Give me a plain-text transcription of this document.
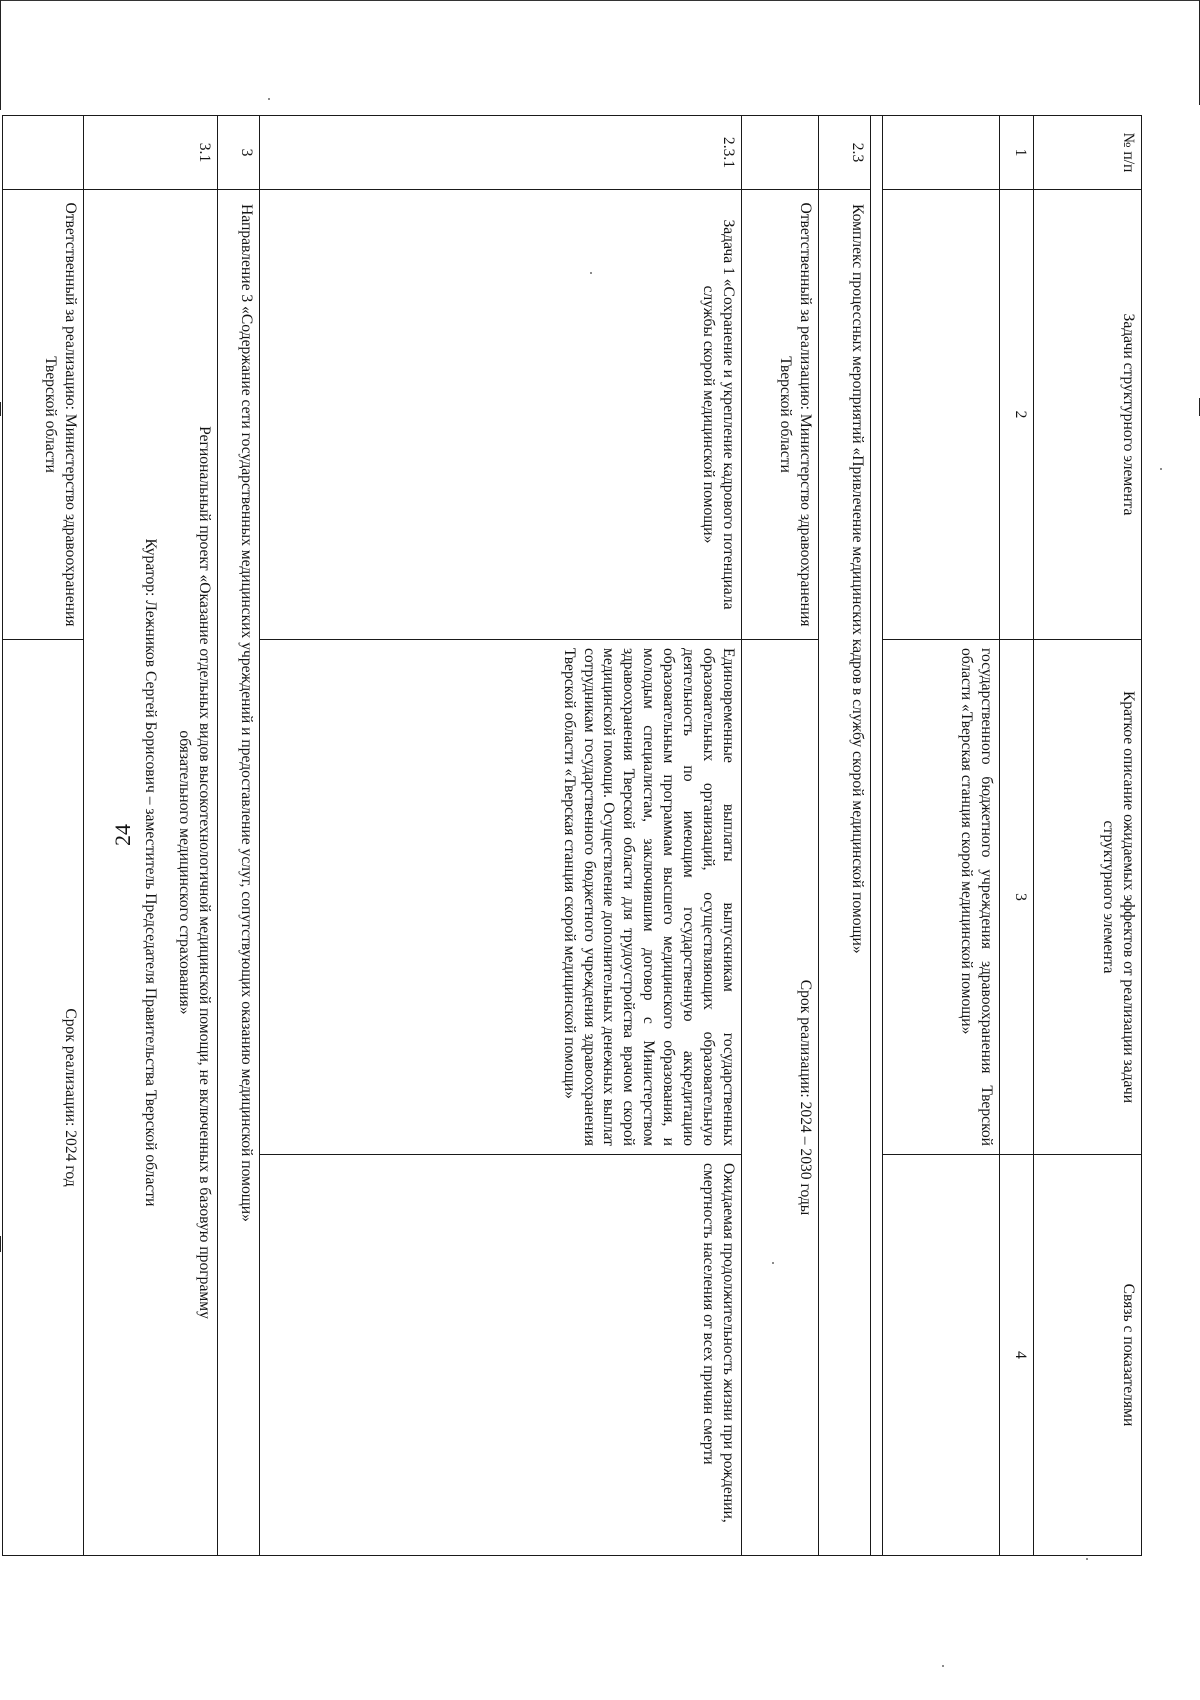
24
№ п/п	Задачи структурного элемента	Краткое описание ожидаемых эффектов от реализации задачи структурного элемента	Связь с показателями
1	2	3	4
		государственного бюджетного учреждения здравоохранения Тверской области «Тверская станция скорой медицинской помощи»	

2.3	Комплекс процессных мероприятий «Привлечение медицинских кадров в службу скорой медицинской помощи»		
	Ответственный за реализацию: Министерство здравоохранения Тверской области	Срок реализации: 2024 – 2030 годы	
2.3.1	Задача 1 «Сохранение и укрепление кадрового потенциала службы скорой медицинской помощи»	Единовременные выплаты выпускникам государственных образовательных организаций, осуществляющих образовательную деятельность по имеющим государственную аккредитацию образовательным программам высшего медицинского образования, и молодым специалистам, заключившим договор с Министерством здравоохранения Тверской области для трудоустройства врачом скорой медицинской помощи. Осуществление дополнительных денежных выплат сотрудникам государственного бюджетного учреждения здравоохранения Тверской области «Тверская станция скорой медицинской помощи»	Ожидаемая продолжительность жизни при рождении, смертность населения от всех причин смерти
3	Направление 3 «Содержание сети государственных медицинских учреждений и предоставление услуг, сопутствующих оказанию медицинской помощи»		
3.1	Региональный проект «Оказание отдельных видов высокотехнологичной медицинской помощи, не включенных в базовую программу
обязательного медицинского страхования»
Куратор: Лежников Сергей Борисович – заместитель Председателя Правительства Тверской области		

	Ответственный за реализацию: Министерство здравоохранения Тверской области	Срок реализации: 2024 год	
